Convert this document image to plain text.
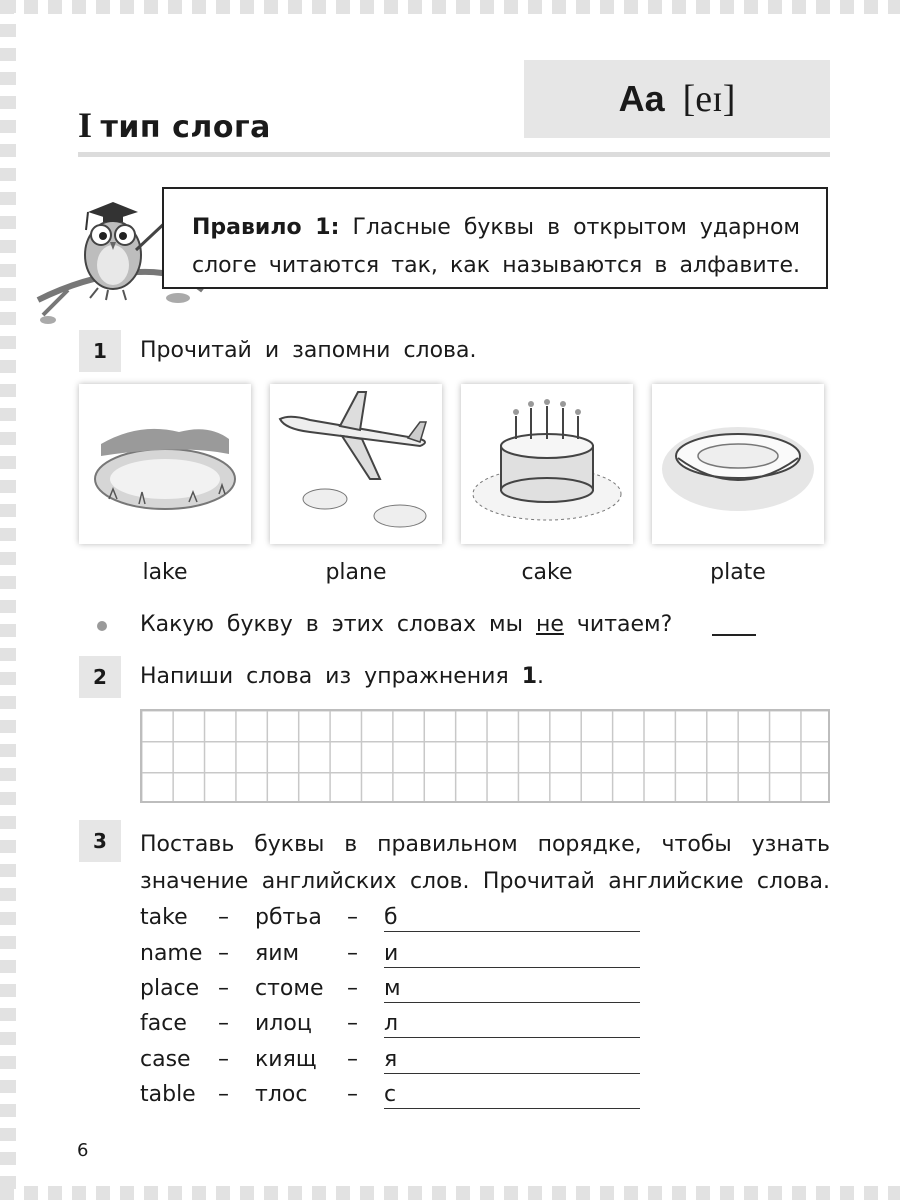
Aa [eɪ]
I тип слога
Правило 1: Гласные буквы в открытом ударном слоге читаются так, как называются в алфавите.
1	Прочитай и запомни слова.
lake	plane	cake	plate
Какую букву в этих словах мы не читаем?
2	Напиши слова из упражнения 1.
3	Поставь буквы в правильном порядке, чтобы узнать
значение английских слов. Прочитай английские слова.
take – рбтьа – б
name – яим – и
place – стоме – м
face – илоц – л
case – киящ – я
table – тлос – с
6
